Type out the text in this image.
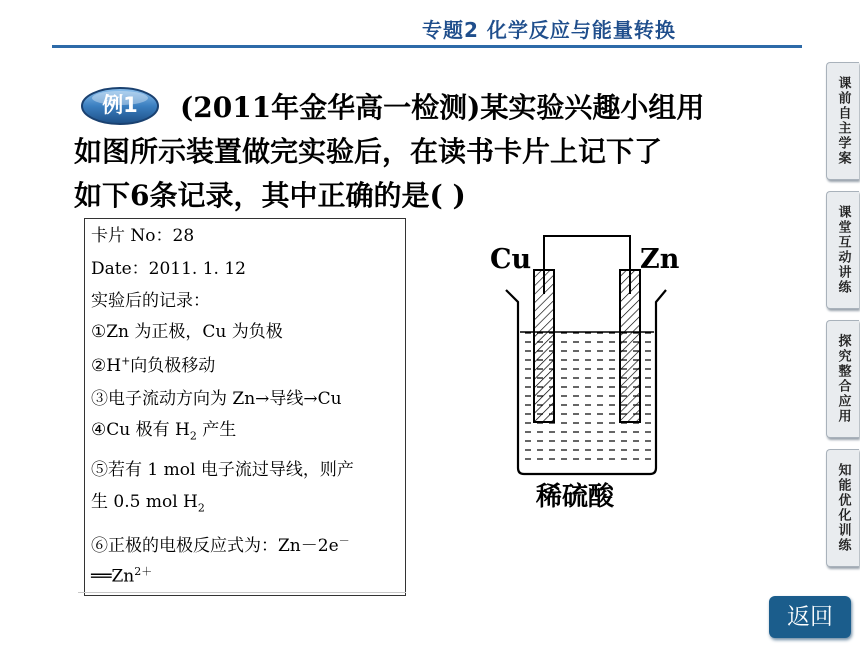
专题2 化学反应与能量转换
课前自主学案
课堂互动讲练
探究整合应用
知能优化训练
例1	(2011年金华高一检测)某实验兴趣小组用
如图所示装置做完实验后，在读书卡片上记下了
如下6条记录，其中正确的是( )
卡片 No：28
Date：2011. 1. 12
实验后的记录：
①Zn 为正极，Cu 为负极
②H+向负极移动
③电子流动方向为 Zn→导线→Cu
④Cu 极有 $H_2$ 产生
⑤若有 1 mol 电子流过导线，则产
生 0.5 mol $H_2$
⑥正极的电极反应式为：Zn－2e－
$══Zn^{2+}$
Cu	Zn
稀硫酸
返回
